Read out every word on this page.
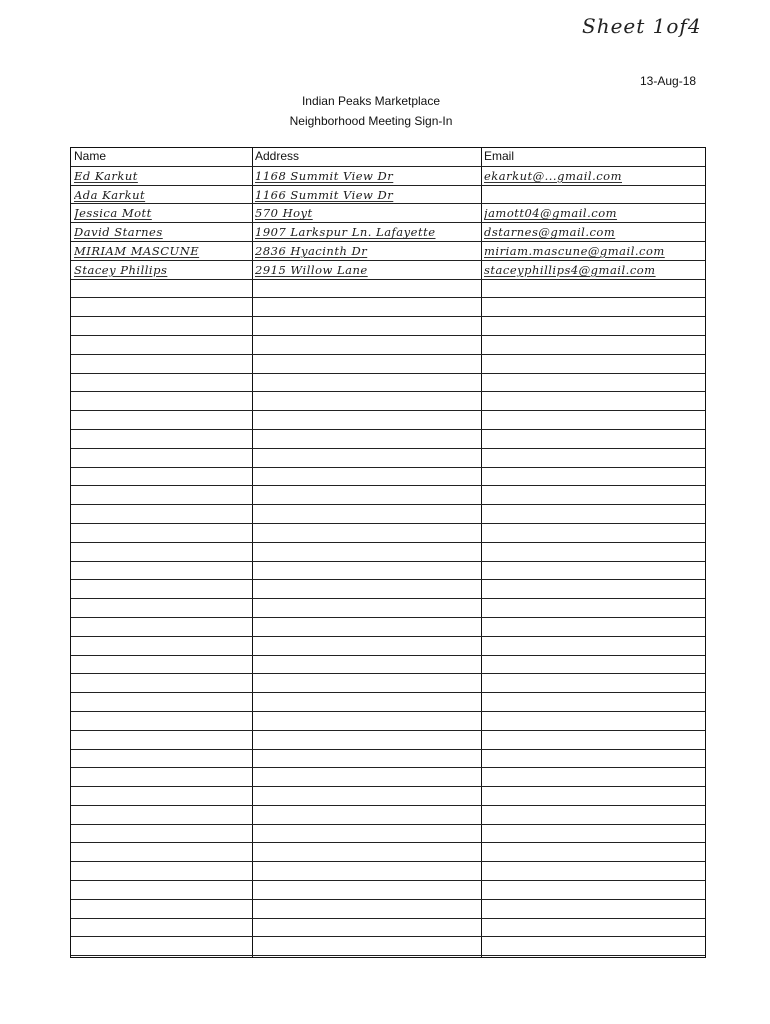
Sheet 1of4
13-Aug-18
Indian Peaks Marketplace
Neighborhood Meeting Sign-In
Name	Address	Email
Ed Karkut	1168 Summit View Dr	ekarkut@...gmail.com
Ada Karkut	1166 Summit View Dr
Jessica Mott	570 Hoyt	jamott04@gmail.com
David Starnes	1907 Larkspur Ln. Lafayette	dstarnes@gmail.com
MIRIAM MASCUNE	2836 Hyacinth Dr	miriam.mascune@gmail.com
Stacey Phillips	2915 Willow Lane	staceyphillips4@gmail.com
